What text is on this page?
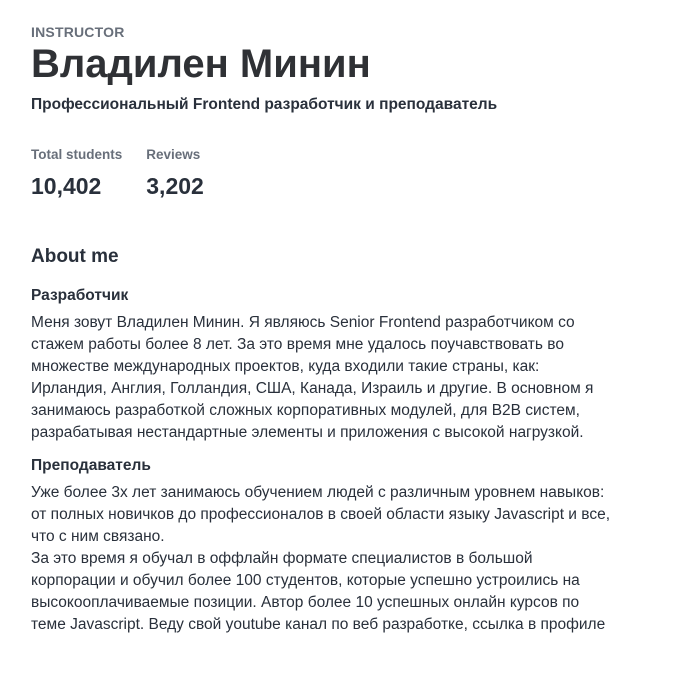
INSTRUCTOR
Владилен Минин
Профессиональный Frontend разработчик и преподаватель
Total students
10,402
Reviews
3,202
About me
Разработчик

Меня зовут Владилен Минин. Я являюсь Senior Frontend разработчиком со
стажем работы более 8 лет. За это время мне удалось поучавствовать во
множестве международных проектов, куда входили такие страны, как:
Ирландия, Англия, Голландия, США, Канада, Израиль и другие. В основном я
занимаюсь разработкой сложных корпоративных модулей, для B2B систем,
разрабатывая нестандартные элементы и приложения с высокой нагрузкой.

Преподаватель

Уже более 3х лет занимаюсь обучением людей с различным уровнем навыков:
от полных новичков до профессионалов в своей области языку Javascript и все,
что с ним связано.
За это время я обучал в оффлайн формате специалистов в большой
корпорации и обучил более 100 студентов, которые успешно устроились на
высокооплачиваемые позиции. Автор более 10 успешных онлайн курсов по
теме Javascript. Веду свой youtube канал по веб разработке, ссылка в профиле
